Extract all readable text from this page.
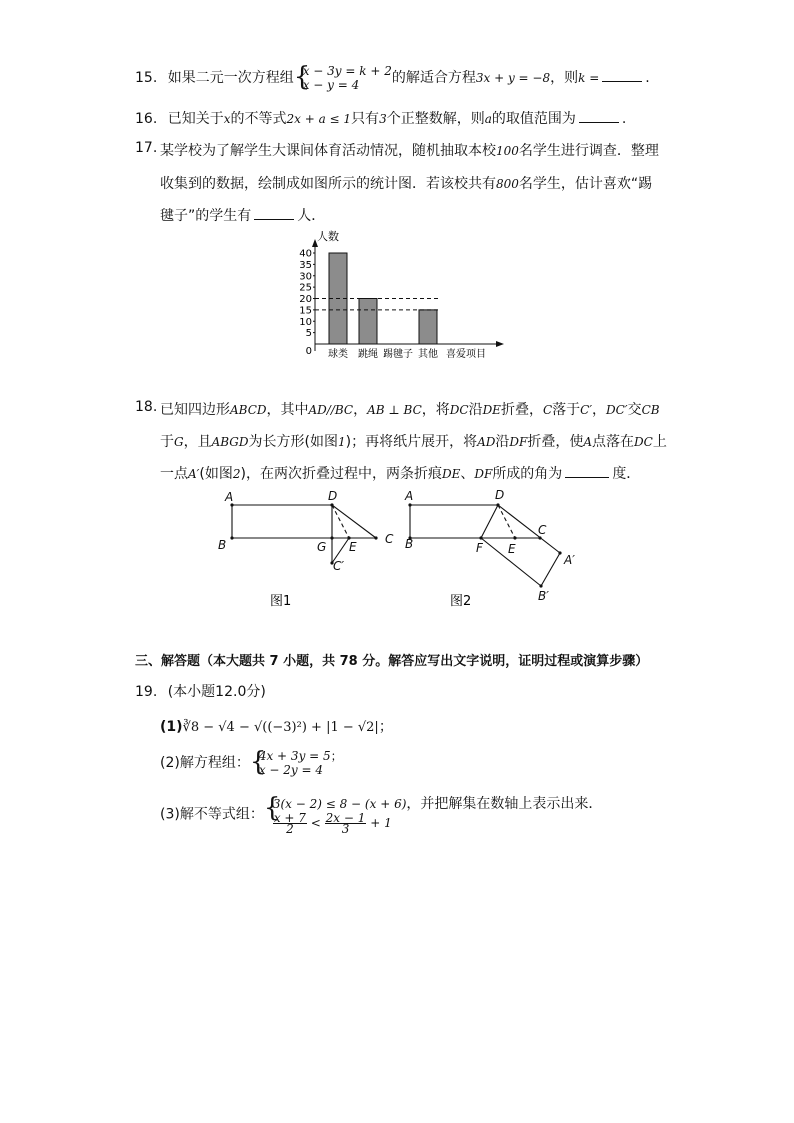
15. 如果二元一次方程组 { x − 3y = k + 2
x − y = 4	的解适合方程3x + y = −8，则k =	.
16. 已知关于x的不等式2x + a ≤ 1只有3个正整数解，则a的取值范围为	.
17. 某学校为了解学生大课间体育活动情况，随机抽取本校100名学生进行调查．整理
收集到的数据，绘制成如图所示的统计图．若该校共有800名学生，估计喜欢“踢
毽子”的学生有	人．
人数
喜爱项目
0
5
10
15
20
25
30
35
40
球类 跳绳 踢毽子 其他
18. 已知四边形ABCD，其中AD//BC，AB ⊥ BC，将DC沿DE折叠，C落于C′，DC′交CB
于G，且ABGD为长方形(如图1)；再将纸片展开，将AD沿DF折叠，使A点落在DC上
一点A′(如图2)，在两次折叠过程中，两条折痕DE、DF所成的角为	度．
A	D
B	G E
C
C′
图1
A	D
B	F E
C
A′
B′
图2
三、解答题（本大题共 7 小题，共 78 分。解答应写出文字说明，证明过程或演算步骤）
19. (本小题12.0分)
(1)∛8 − √4 − √((−3)²) + |1 − √2|；
(2)解方程组： { 4x + 3y = 5；
x − 2y = 4
(3)解不等式组：
{ 3(x − 2) ≤ 8 − (x + 6)，并把解集在数轴上表示出来．
$\frac{x + 7}{2} < \frac{2x - 1}{3} + 1$
